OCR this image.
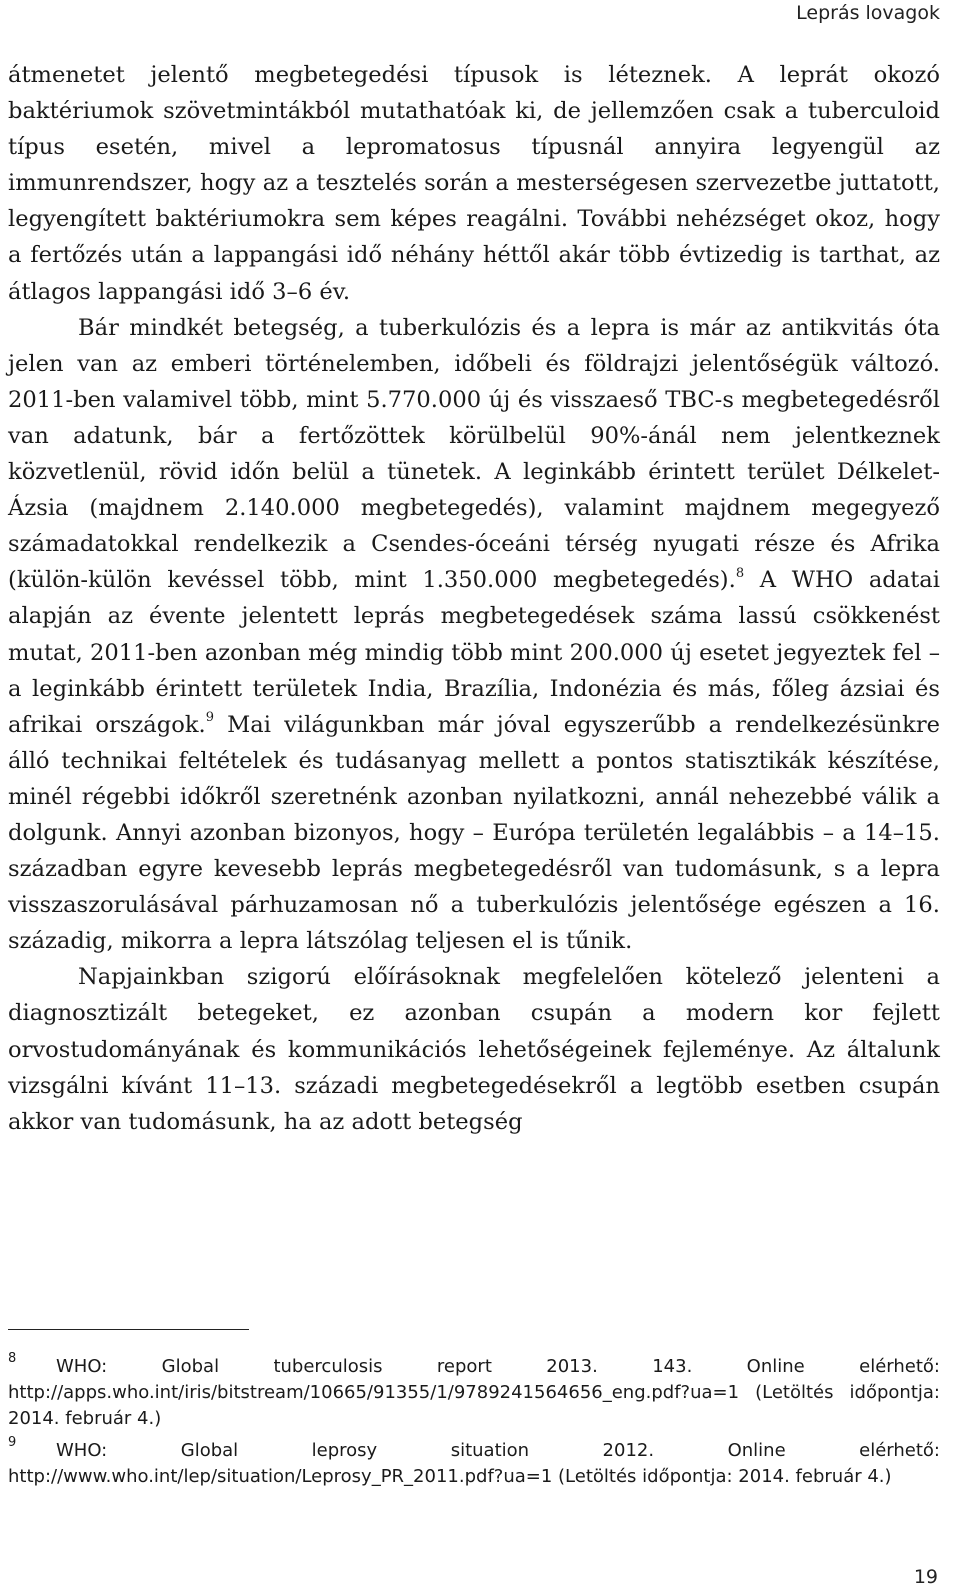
Leprás lovagok

átmenetet jelentő megbetegedési típusok is léteznek. A leprát okozó baktériumok szövetmintákból mutathatóak ki, de jellemzően csak a tuberculoid típus esetén, mivel a lepromatosus típusnál annyira legyengül az immunrendszer, hogy az a tesztelés során a mesterségesen szervezetbe juttatott, legyengített baktériumokra sem képes reagálni. További nehézséget okoz, hogy a fertőzés után a lappangási idő néhány héttől akár több évtizedig is tarthat, az átlagos lappangási idő 3–6 év.

Bár mindkét betegség, a tuberkulózis és a lepra is már az antikvitás óta jelen van az emberi történelemben, időbeli és földrajzi jelentőségük változó. 2011-ben valamivel több, mint 5.770.000 új és visszaeső TBC-s megbetegedésről van adatunk, bár a fertőzöttek körülbelül 90%-ánál nem jelentkeznek közvetlenül, rövid időn belül a tünetek. A leginkább érintett terület Délkelet-Ázsia (majdnem 2.140.000 megbetegedés), valamint majdnem megegyező számadatokkal rendelkezik a Csendes-óceáni térség nyugati része és Afrika (külön-külön kevéssel több, mint 1.350.000 megbetegedés).$^8$ A WHO adatai alapján az évente jelentett leprás megbetegedések száma lassú csökkenést mutat, 2011-ben azonban még mindig több mint 200.000 új esetet jegyeztek fel – a leginkább érintett területek India, Brazília, Indonézia és más, főleg ázsiai és afrikai országok.$^9$ Mai világunkban már jóval egyszerűbb a rendelkezésünkre álló technikai feltételek és tudásanyag mellett a pontos statisztikák készítése, minél régebbi időkről szeretnénk azonban nyilatkozni, annál nehezebbé válik a dolgunk. Annyi azonban bizonyos, hogy – Európa területén legalábbis – a 14–15. században egyre kevesebb leprás megbetegedésről van tudomásunk, s a lepra visszaszorulásával párhuzamosan nő a tuberkulózis jelentősége egészen a 16. századig, mikorra a lepra látszólag teljesen el is tűnik.

Napjainkban szigorú előírásoknak megfelelően kötelező jelenteni a diagnosztizált betegeket, ez azonban csupán a modern kor fejlett orvostudományának és kommunikációs lehetőségeinek fejleménye. Az általunk vizsgálni kívánt 11–13. századi megbetegedésekről a legtöbb esetben csupán akkor van tudomásunk, ha az adott betegség

8	WHO: Global tuberculosis report 2013. 143. Online elérhető:
http://apps.who.int/iris/bitstream/10665/91355/1/9789241564656_eng.pdf?ua=1 (Letöltés időpontja: 2014. február 4.)
9	WHO: Global leprosy situation 2012. Online elérhető:
http://www.who.int/lep/situation/Leprosy_PR_2011.pdf?ua=1 (Letöltés időpontja: 2014. február 4.)
19
